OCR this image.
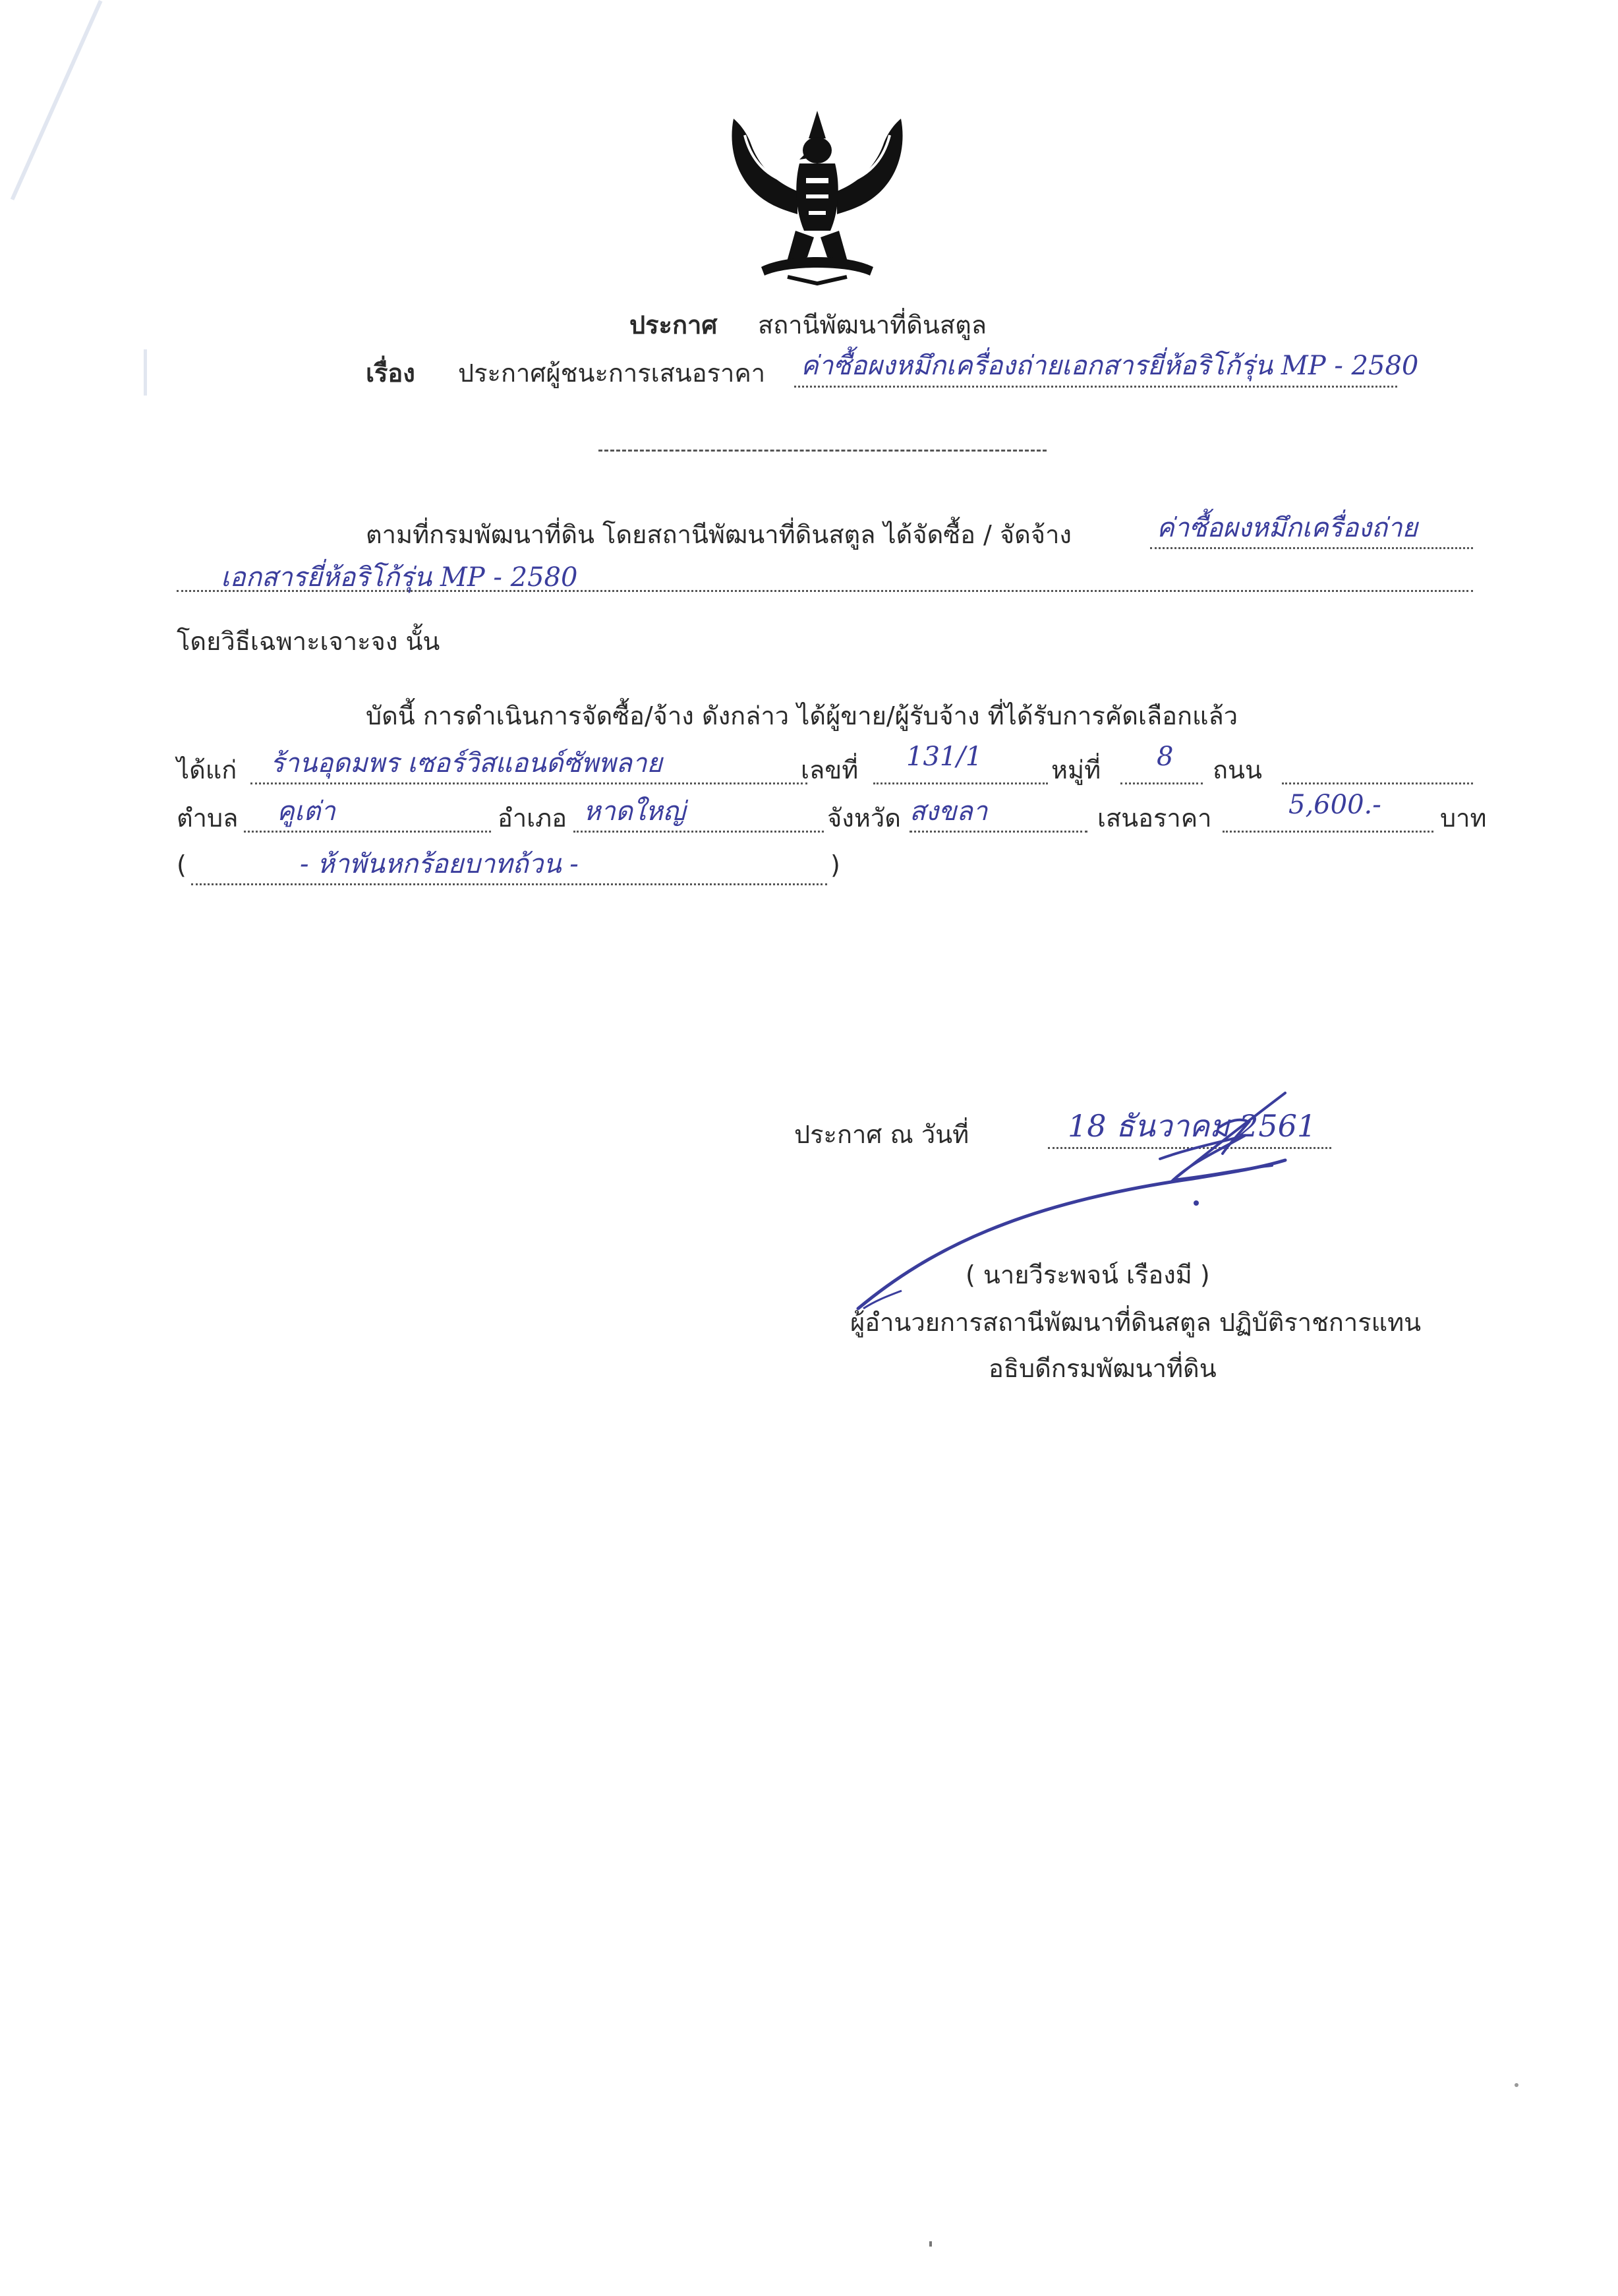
ประกาศ สถานีพัฒนาที่ดินสตูล
เรื่อง ประกาศผู้ชนะการเสนอราคา ค่าซื้อผงหมึกเครื่องถ่ายเอกสารยี่ห้อริโก้รุ่น MP - 2580
ตามที่กรมพัฒนาที่ดิน โดยสถานีพัฒนาที่ดินสตูล ได้จัดซื้อ / จัดจ้าง	ค่าซื้อผงหมึกเครื่องถ่าย
เอกสารยี่ห้อริโก้รุ่น MP - 2580
โดยวิธีเฉพาะเจาะจง นั้น
บัดนี้ การดำเนินการจัดซื้อ/จ้าง ดังกล่าว ได้ผู้ขาย/ผู้รับจ้าง ที่ได้รับการคัดเลือกแล้ว
ได้แก่ ร้านอุดมพร เซอร์วิสแอนด์ซัพพลาย	เลขที่ 131/1	หมู่ที่ 8 ถนน
ตำบล คูเต่า	อำเภอ หาดใหญ่	จังหวัด สงขลา	เสนอราคา	5,600.- บาท
(	- ห้าพันหกร้อยบาทถ้วน -	)
ประกาศ ณ วันที่	18 ธันวาคม 2561
( นายวีระพจน์ เรืองมี )
ผู้อำนวยการสถานีพัฒนาที่ดินสตูล ปฏิบัติราชการแทน
อธิบดีกรมพัฒนาที่ดิน
